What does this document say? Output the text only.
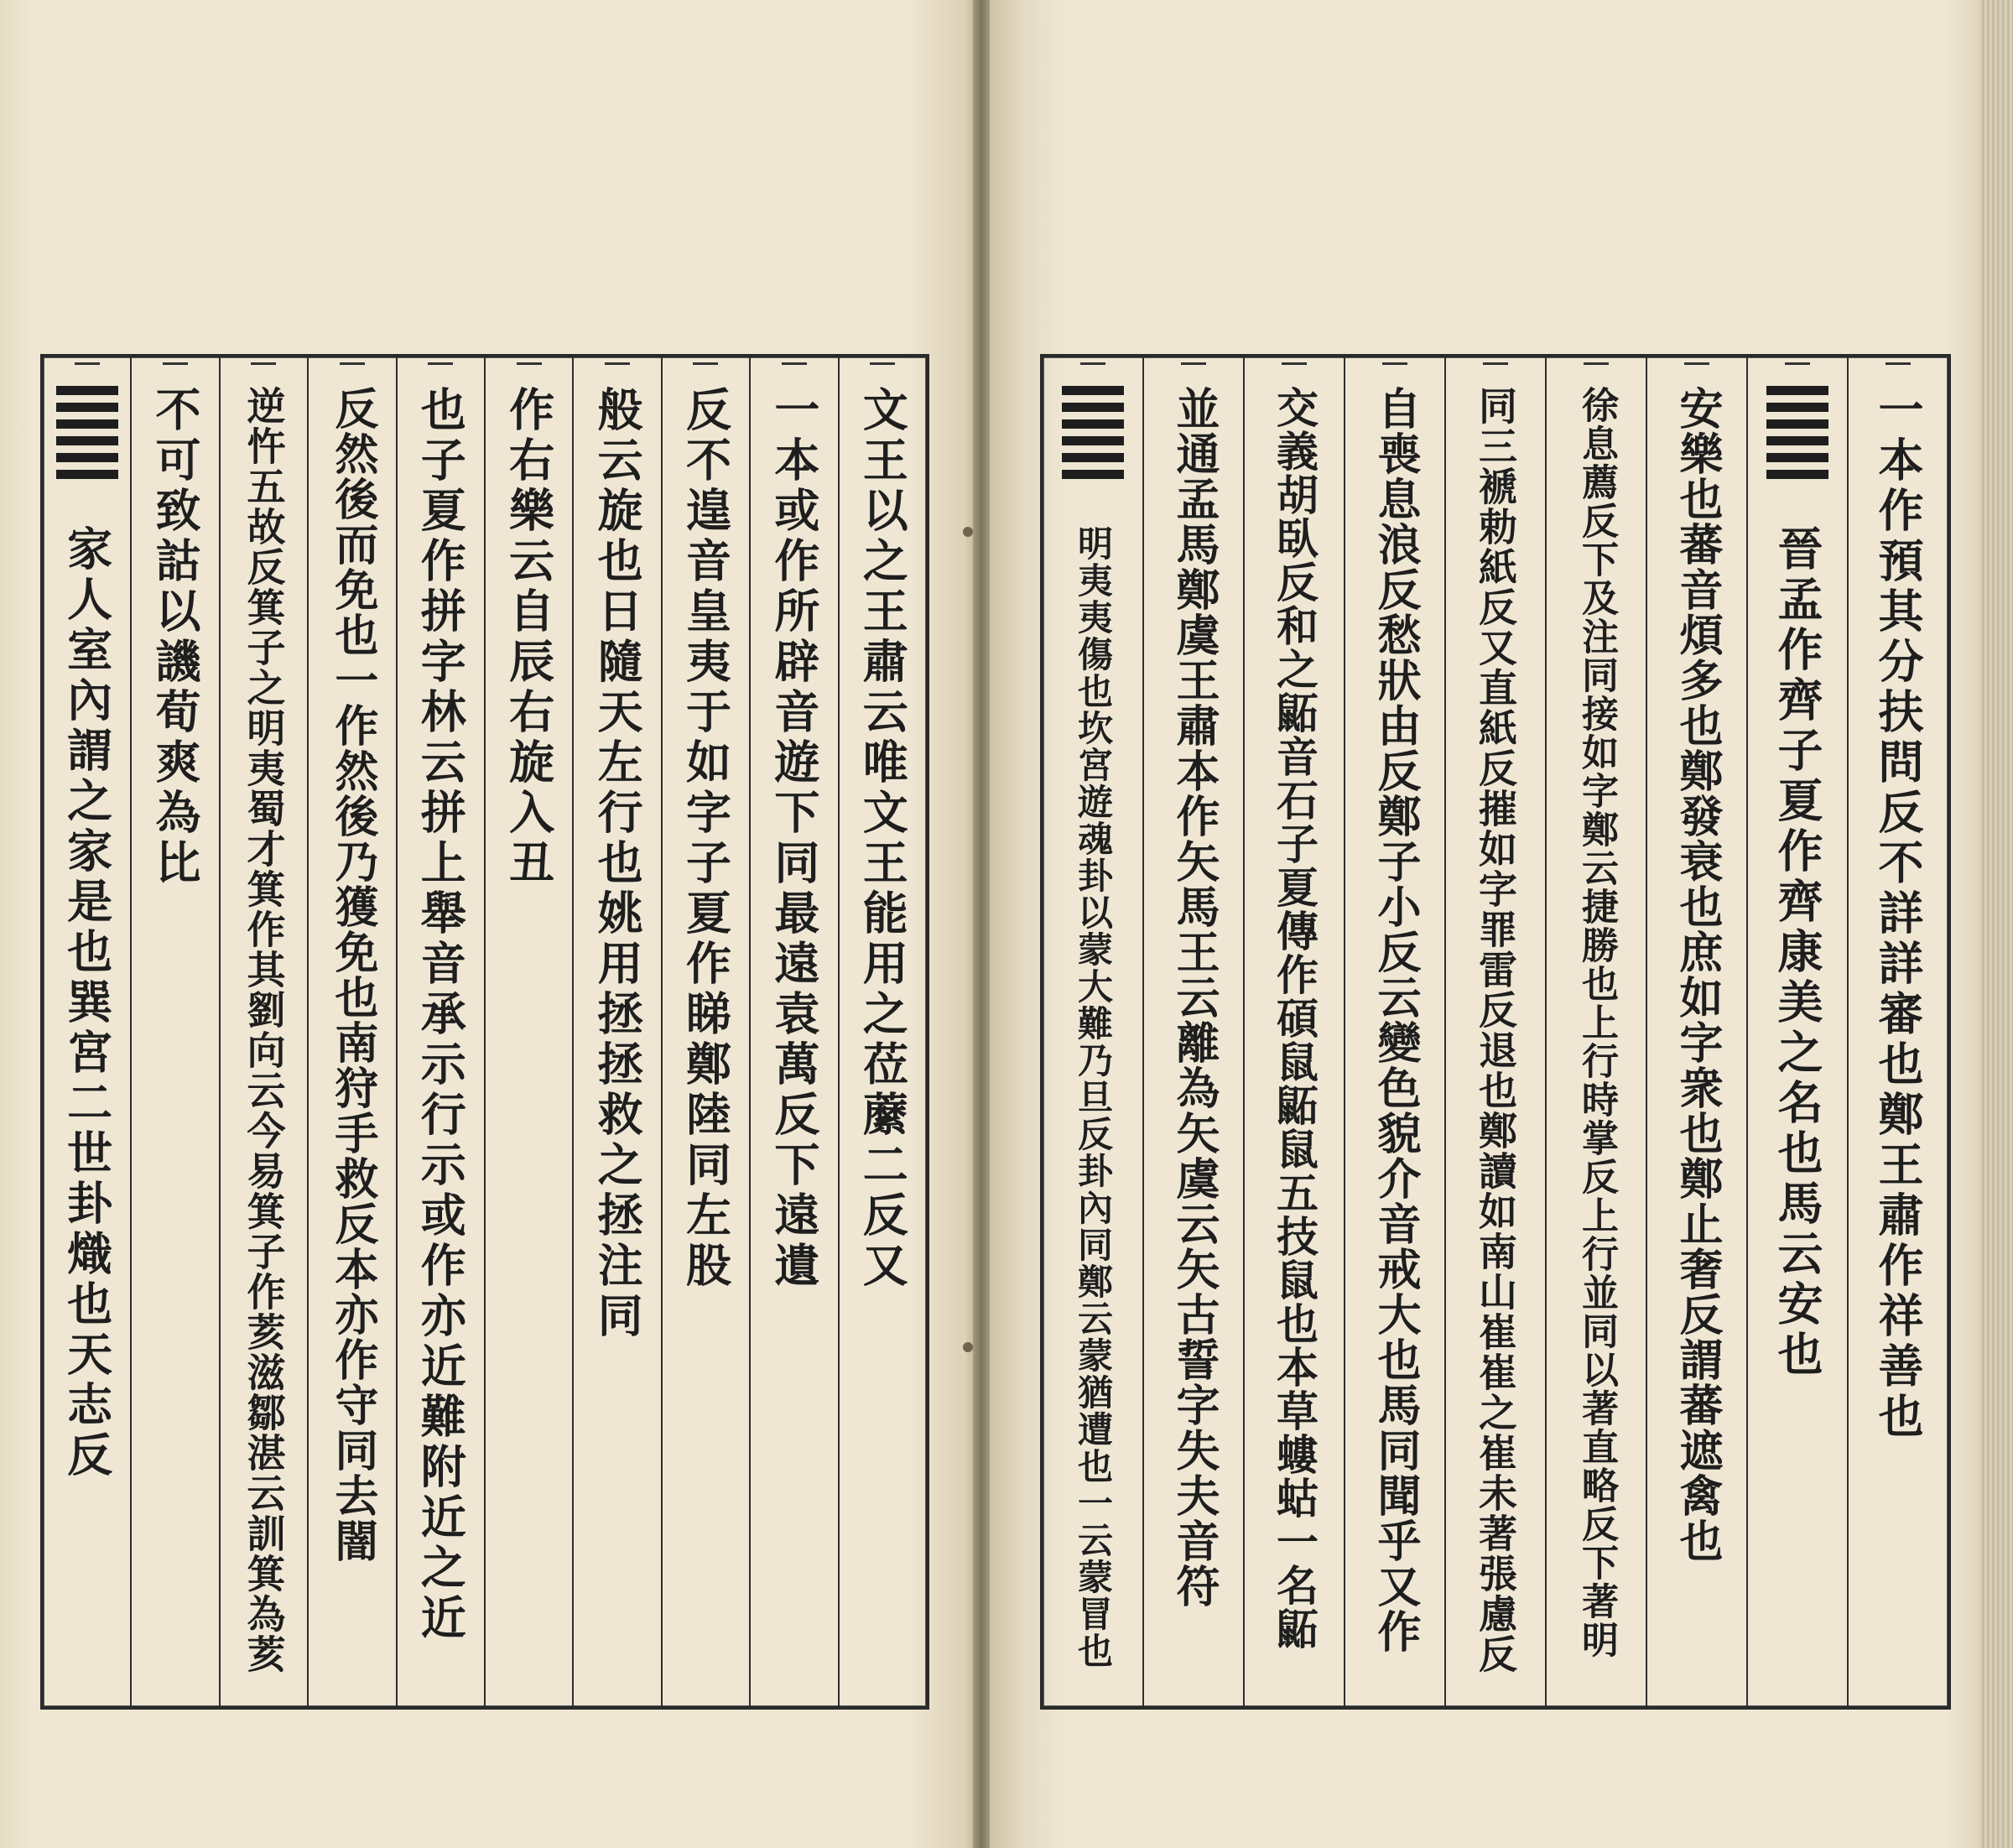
文王以之王肅云唯文王能用之莅䕷二反又
一本或作所辟音遊下同最遠袁萬反下遠遺
反不遑音皇夷于如字子夏作睇鄭陸同左股
般云旋也日隨天左行也姚用拯拯救之拯注同
作右樂云自辰右旋入丑
也子夏作拼字林云拼上舉音承示行示或作亦近難附近之近
反然後而免也一作然後乃獲免也南狩手救反本亦作守同去闇
逆忤五故反箕子之明夷蜀才箕作其劉向云今易箕子作荄滋鄒湛云訓箕為荄
不可致詁以譏荀爽為比
家人室內謂之家是也巽宮二世卦熾也天志反	一本作預其分扶問反不詳詳審也鄭王肅作祥善也
晉孟作齊子夏作齊康美之名也馬云安也
安樂也蕃音煩多也鄭發衰也庶如字衆也鄭止奢反謂蕃遮禽也
徐息薦反下及注同接如字鄭云捷勝也上行時掌反上行並同以著直略反下著明
同三褫勅紙反又直紙反摧如字罪雷反退也鄭讀如南山崔崔之崔未著張慮反
自喪息浪反愁狀由反鄭子小反云變色貌介音戒大也馬同聞乎又作
交義胡臥反和之鼫音石子夏傳作碩鼠鼫鼠五技鼠也本草螻蛄一名鼫
並通孟馬鄭虞王肅本作矢馬王云離為矢虞云矢古誓字失夫音符
明夷夷傷也坎宮遊魂卦以蒙大難乃旦反卦內同鄭云蒙猶遭也一云蒙冒也
